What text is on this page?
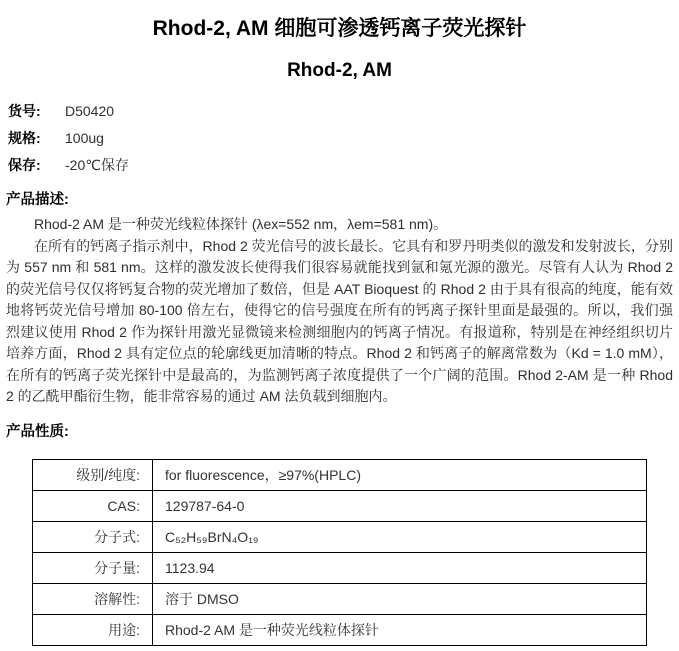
Rhod-2, AM 细胞可渗透钙离子荧光探针
Rhod-2, AM
货号:	D50420
规格:	100ug
保存:	-20℃保存
产品描述:

Rhod-2 AM 是一种荧光线粒体探针 (λex=552 nm，λem=581 nm)。

在所有的钙离子指示剂中，Rhod 2 荧光信号的波长最长。它具有和罗丹明类似的激发和发射波长，分别为 557 nm 和 581 nm。这样的激发波长使得我们很容易就能找到氩和氪光源的激光。尽管有人认为 Rhod 2 的荧光信号仅仅将钙复合物的荧光增加了数倍，但是 AAT Bioquest 的 Rhod 2 由于具有很高的纯度，能有效地将钙荧光信号增加 80-100 倍左右，使得它的信号强度在所有的钙离子探针里面是最强的。所以，我们强烈建议使用 Rhod 2 作为探针用激光显微镜来检测细胞内的钙离子情况。有报道称，特别是在神经组织切片培养方面，Rhod 2 具有定位点的轮廓线更加清晰的特点。Rhod 2 和钙离子的解离常数为（Kd = 1.0 mM），在所有的钙离子荧光探针中是最高的，为监测钙离子浓度提供了一个广阔的范围。Rhod 2-AM 是一种 Rhod 2 的乙酰甲酯衍生物，能非常容易的通过 AM 法负载到细胞内。

产品性质:
级别/纯度:	for fluorescence，≥97%(HPLC)
CAS:	129787-64-0
分子式:	C₅₂H₅₉BrN₄O₁₉
分子量:	1123.94
溶解性:	溶于 DMSO
用途:	Rhod-2 AM 是一种荧光线粒体探针
